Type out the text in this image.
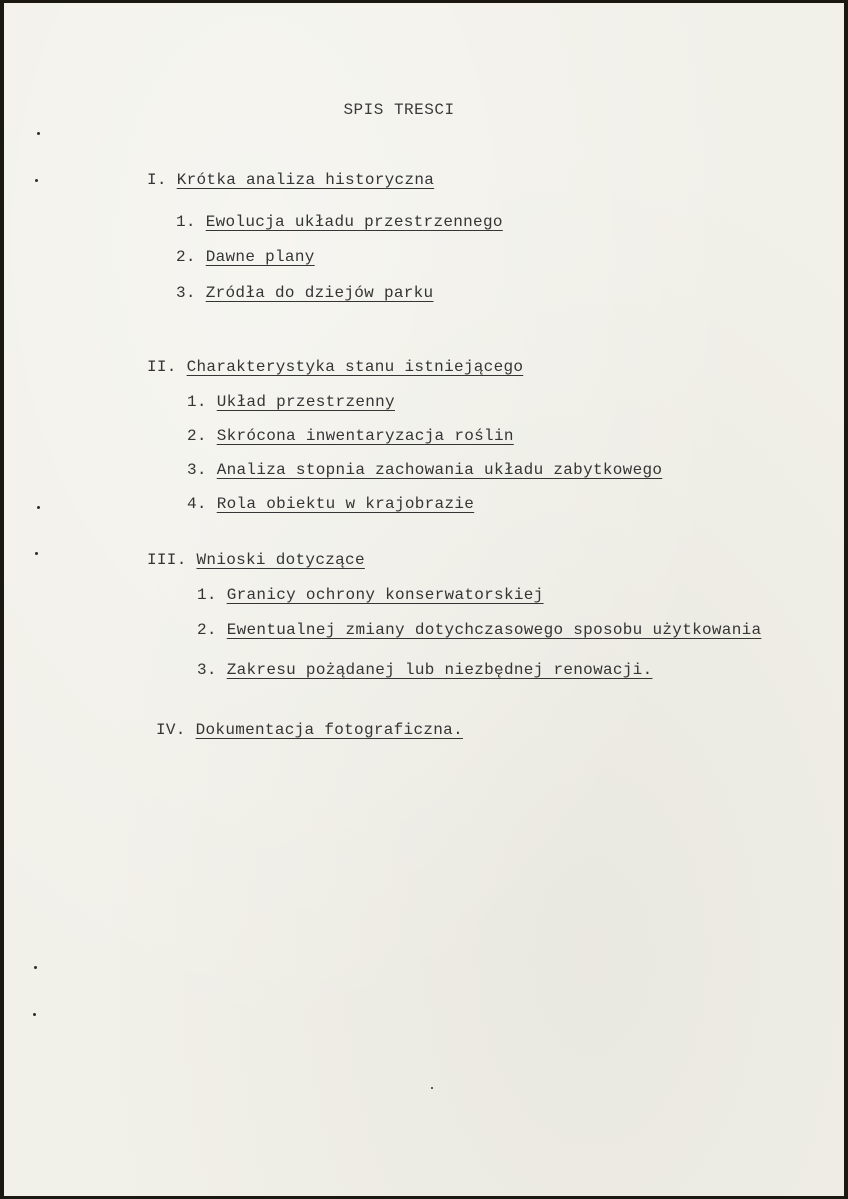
SPIS TRESCI
I. Krótka analiza historyczna
1. Ewolucja układu przestrzennego
2. Dawne plany
3. Zródła do dziejów parku
II. Charakterystyka stanu istniejącego
1. Układ przestrzenny
2. Skrócona inwentaryzacja roślin
3. Analiza stopnia zachowania układu zabytkowego
4. Rola obiektu w krajobrazie
III. Wnioski dotyczące
1. Granicy ochrony konserwatorskiej
2. Ewentualnej zmiany dotychczasowego sposobu użytkowania
3. Zakresu pożądanej lub niezbędnej renowacji.
IV. Dokumentacja fotograficzna.
